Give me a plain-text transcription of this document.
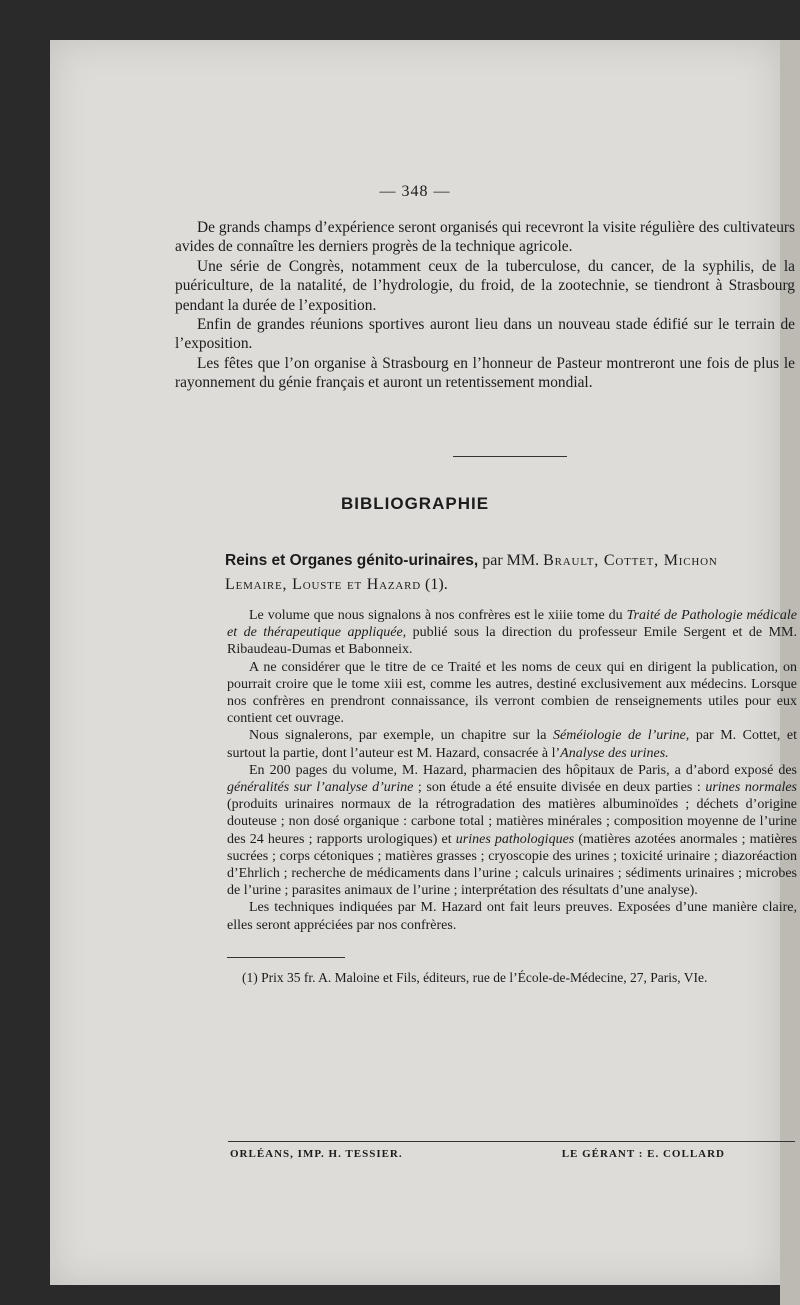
— 348 —

De grands champs d’expérience seront organisés qui recevront la visite régulière des cultivateurs avides de connaître les derniers progrès de la technique agricole.

Une série de Congrès, notamment ceux de la tuberculose, du cancer, de la syphilis, de la puériculture, de la natalité, de l’hydrologie, du froid, de la zootechnie, se tiendront à Strasbourg pendant la durée de l’exposition.

Enfin de grandes réunions sportives auront lieu dans un nouveau stade édifié sur le terrain de l’exposition.

Les fêtes que l’on organise à Strasbourg en l’honneur de Pasteur montreront une fois de plus le rayonnement du génie français et auront un retentissement mondial.

BIBLIOGRAPHIE
Reins et Organes génito-urinaires, par MM. Brault, Cottet, Michon
Lemaire, Louste et Hazard (1).

Le volume que nous signalons à nos confrères est le xiiie tome du Traité de Pathologie médicale et de thérapeutique appliquée, publié sous la direction du professeur Emile Sergent et de MM. Ribaudeau-Dumas et Babonneix.

A ne considérer que le titre de ce Traité et les noms de ceux qui en dirigent la publication, on pourrait croire que le tome xiii est, comme les autres, destiné exclusivement aux médecins. Lorsque nos confrères en prendront connaissance, ils verront combien de renseignements utiles pour eux contient cet ouvrage.

Nous signalerons, par exemple, un chapitre sur la Séméiologie de l’urine, par M. Cottet, et surtout la partie, dont l’auteur est M. Hazard, consacrée à l’Analyse des urines.

En 200 pages du volume, M. Hazard, pharmacien des hôpitaux de Paris, a d’abord exposé des généralités sur l’analyse d’urine ; son étude a été ensuite divisée en deux parties : urines normales (produits urinaires normaux de la rétrogradation des matières albuminoïdes ; déchets d’origine douteuse ; non dosé organique : carbone total ; matières minérales ; composition moyenne de l’urine des 24 heures ; rapports urologiques) et urines pathologiques (matières azotées anormales ; matières sucrées ; corps cétoniques ; matières grasses ; cryoscopie des urines ; toxicité urinaire ; diazoréaction d’Ehrlich ; recherche de médicaments dans l’urine ; calculs urinaires ; sédiments urinaires ; microbes de l’urine ; parasites animaux de l’urine ; interprétation des résultats d’une analyse).

Les techniques indiquées par M. Hazard ont fait leurs preuves. Exposées d’une manière claire, elles seront appréciées par nos confrères.

(1) Prix 35 fr. A. Maloine et Fils, éditeurs, rue de l’École-de-Médecine, 27, Paris, VIe.
ORLÉANS, IMP. H. TESSIER.	LE GÉRANT : E. COLLARD
